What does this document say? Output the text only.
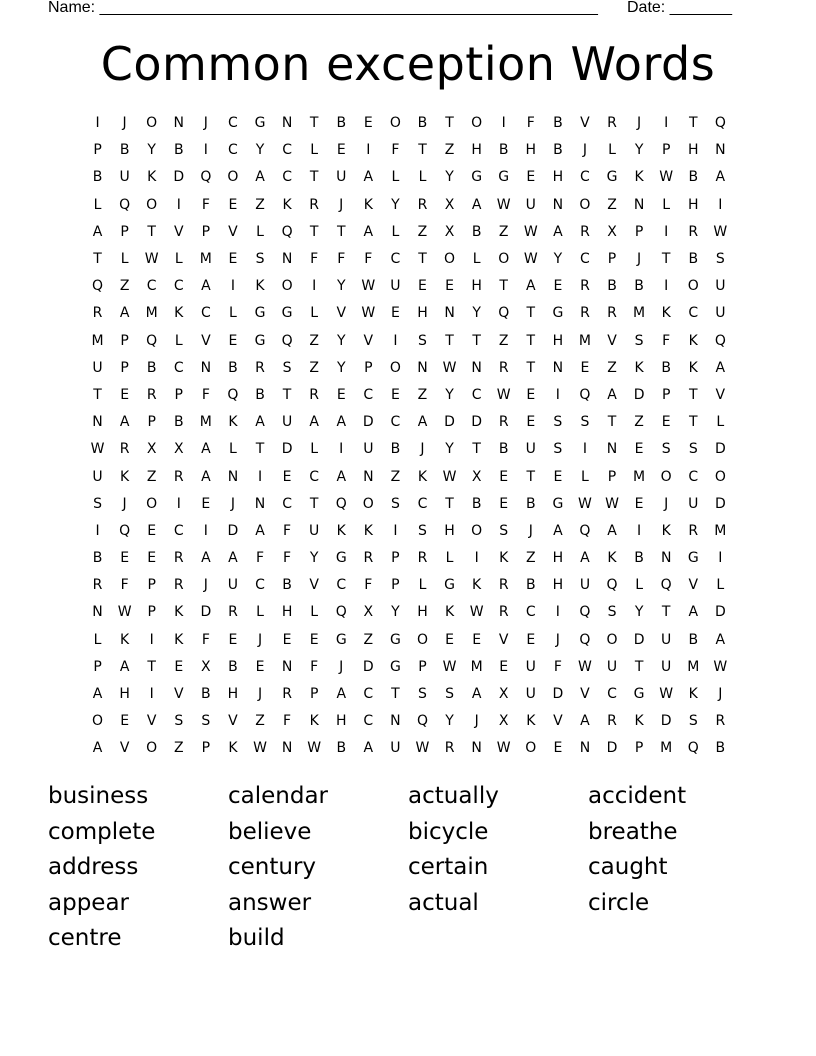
Name: ________________________________________________________ Date: _______
Common exception Words
I	J	O	N	J	C	G	N	T	B	E	O	B	T	O	I	F	B	V	R	J	I	T	Q
P	B	Y	B	I	C	Y	C	L	E	I	F	T	Z	H	B	H	B	J	L	Y	P	H	N
B	U	K	D	Q	O	A	C	T	U	A	L	L	Y	G	G	E	H	C	G	K	W	B	A
L	Q	O	I	F	E	Z	K	R	J	K	Y	R	X	A	W	U	N	O	Z	N	L	H	I
A	P	T	V	P	V	L	Q	T	T	A	L	Z	X	B	Z	W	A	R	X	P	I	R	W
T	L	W	L	M	E	S	N	F	F	F	C	T	O	L	O	W	Y	C	P	J	T	B	S
Q	Z	C	C	A	I	K	O	I	Y	W	U	E	E	H	T	A	E	R	B	B	I	O	U
R	A	M	K	C	L	G	G	L	V	W	E	H	N	Y	Q	T	G	R	R	M	K	C	U
M	P	Q	L	V	E	G	Q	Z	Y	V	I	S	T	T	Z	T	H	M	V	S	F	K	Q
U	P	B	C	N	B	R	S	Z	Y	P	O	N	W	N	R	T	N	E	Z	K	B	K	A
T	E	R	P	F	Q	B	T	R	E	C	E	Z	Y	C	W	E	I	Q	A	D	P	T	V
N	A	P	B	M	K	A	U	A	A	D	C	A	D	D	R	E	S	S	T	Z	E	T	L
W	R	X	X	A	L	T	D	L	I	U	B	J	Y	T	B	U	S	I	N	E	S	S	D
U	K	Z	R	A	N	I	E	C	A	N	Z	K	W	X	E	T	E	L	P	M	O	C	O
S	J	O	I	E	J	N	C	T	Q	O	S	C	T	B	E	B	G	W W	E	J	U	D
I	Q	E	C	I	D	A	F	U	K	K	I	S	H	O	S	J	A	Q	A	I	K	R	M
B	E	E	R	A	A	F	F	Y	G	R	P	R	L	I	K	Z	H	A	K	B	N	G	I
R	F	P	R	J	U	C	B	V	C	F	P	L	G	K	R	B	H	U	Q	L	Q	V	L
N	W	P	K	D	R	L	H	L	Q	X	Y	H	K	W	R	C	I	Q	S	Y	T	A	D
L	K	I	K	F	E	J	E	E	G	Z	G	O	E	E	V	E	J	Q	O	D	U	B	A
P	A	T	E	X	B	E	N	F	J	D	G	P	W	M	E	U	F	W	U	T	U	M	W
A	H	I	V	B	H	J	R	P	A	C	T	S	S	A	X	U	D	V	C	G	W	K	J
O	E	V	S	S	V	Z	F	K	H	C	N	Q	Y	J	X	K	V	A	R	K	D	S	R
A	V	O	Z	P	K	W	N	W	B	A	U	W	R	N	W	O	E	N	D	P	M	Q	B
business
complete
address
appear
centre
calendar
believe
century
answer
build
actually
bicycle
certain
actual
accident
breathe
caught
circle
